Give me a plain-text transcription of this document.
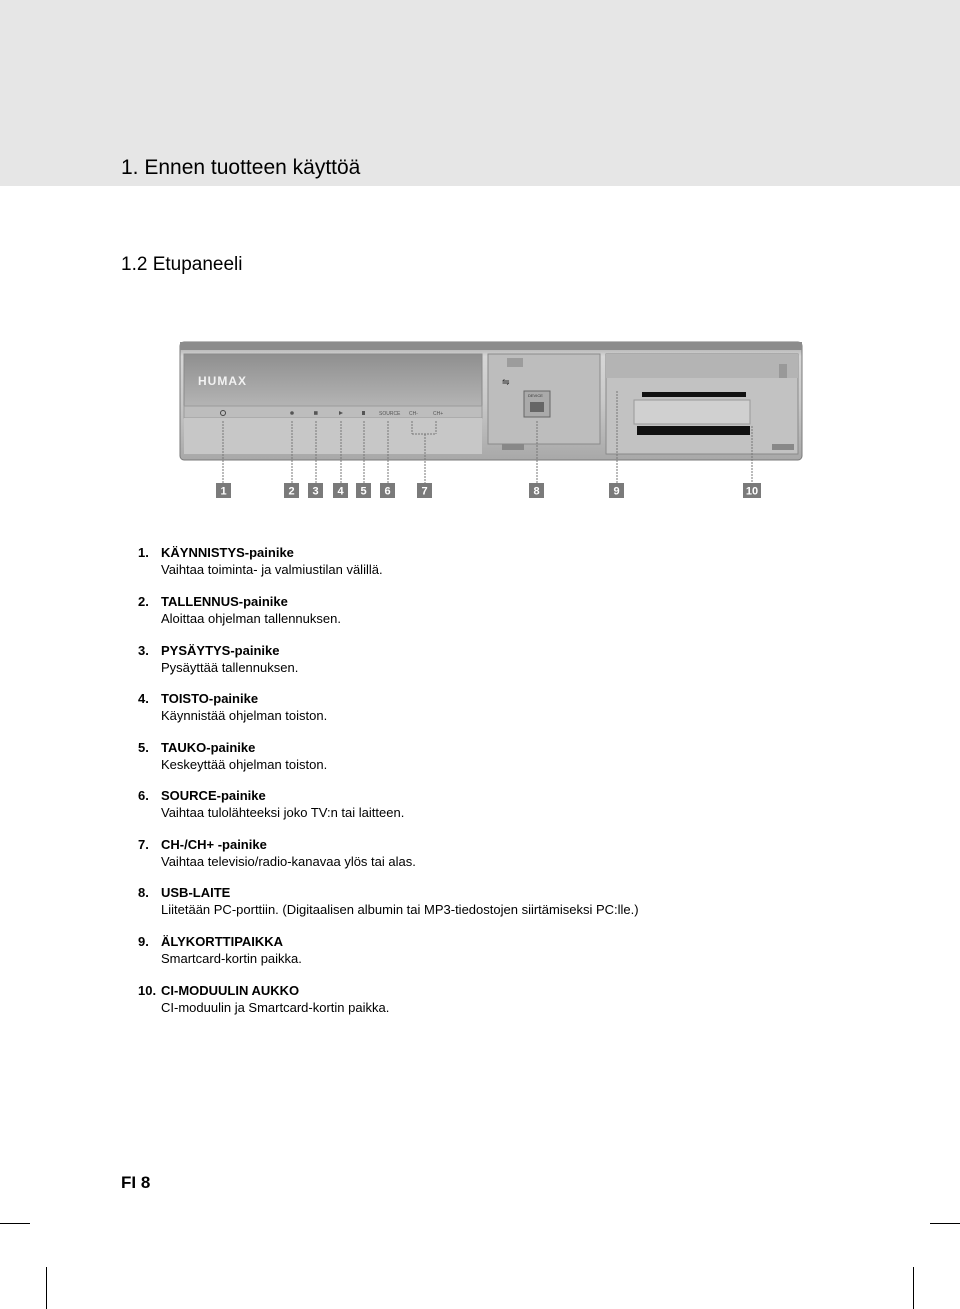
1. Ennen tuotteen käyttöä
1.2 Etupaneeli
HUMAX
SOURCE CH-	CH+
⇋
DEVICE
1	2 3 4 5 6	7	8	9	10
1. KÄYNNISTYS-painike
Vaihtaa toiminta- ja valmiustilan välillä.
2. TALLENNUS-painike
Aloittaa ohjelman tallennuksen.
3. PYSÄYTYS-painike
Pysäyttää tallennuksen.
4. TOISTO-painike
Käynnistää ohjelman toiston.
5. TAUKO-painike
Keskeyttää ohjelman toiston.
6. SOURCE-painike
Vaihtaa tulolähteeksi joko TV:n tai laitteen.
7. CH-/CH+ -painike
Vaihtaa televisio/radio-kanavaa ylös tai alas.
8. USB-LAITE
Liitetään PC-porttiin. (Digitaalisen albumin tai MP3-tiedostojen siirtämiseksi PC:lle.)
9. ÄLYKORTTIPAIKKA
Smartcard-kortin paikka.
10. CI-MODUULIN AUKKO
CI-moduulin ja Smartcard-kortin paikka.
FI 8
